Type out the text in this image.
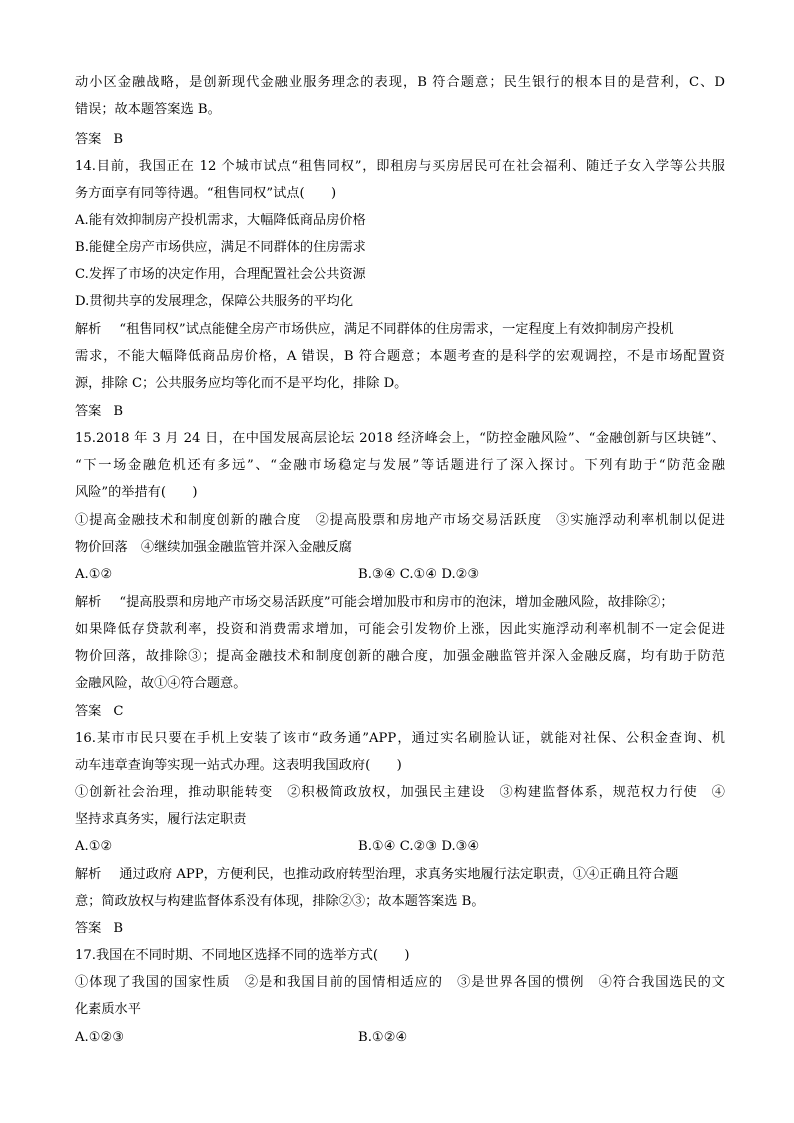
动小区金融战略，是创新现代金融业服务理念的表现，B 符合题意；民生银行的根本目的是营利，C、D
错误；故本题答案选 B。
答案 B
14.目前，我国正在 12 个城市试点“租售同权”，即租房与买房居民可在社会福利、随迁子女入学等公共服
务方面享有同等待遇。“租售同权”试点(　　)
A.能有效抑制房产投机需求，大幅降低商品房价格
B.能健全房产市场供应，满足不同群体的住房需求
C.发挥了市场的决定作用，合理配置社会公共资源
D.贯彻共享的发展理念，保障公共服务的平均化
解析 “租售同权”试点能健全房产市场供应，满足不同群体的住房需求，一定程度上有效抑制房产投机
需求，不能大幅降低商品房价格，A 错误，B 符合题意；本题考查的是科学的宏观调控，不是市场配置资
源，排除 C；公共服务应均等化而不是平均化，排除 D。
答案 B
15.2018 年 3 月 24 日，在中国发展高层论坛 2018 经济峰会上，“防控金融风险”、“金融创新与区块链”、
“下一场金融危机还有多远”、“金融市场稳定与发展”等话题进行了深入探讨。下列有助于“防范金融
风险”的举措有(　　)
①提高金融技术和制度创新的融合度　②提高股票和房地产市场交易活跃度　③实施浮动利率机制以促进
物价回落　④继续加强金融监管并深入金融反腐
A.①②	B.③④ C.①④ D.②③
解析 “提高股票和房地产市场交易活跃度”可能会增加股市和房市的泡沫，增加金融风险，故排除②；
如果降低存贷款利率，投资和消费需求增加，可能会引发物价上涨，因此实施浮动利率机制不一定会促进
物价回落，故排除③；提高金融技术和制度创新的融合度，加强金融监管并深入金融反腐，均有助于防范
金融风险，故①④符合题意。
答案 C
16.某市市民只要在手机上安装了该市“政务通”APP，通过实名刷脸认证，就能对社保、公积金查询、机
动车违章查询等实现一站式办理。这表明我国政府(　　)
①创新社会治理，推动职能转变　②积极简政放权，加强民主建设　③构建监督体系，规范权力行使　④
坚持求真务实，履行法定职责
A.①②	B.①④ C.②③ D.③④
解析 通过政府 APP，方便利民，也推动政府转型治理，求真务实地履行法定职责，①④正确且符合题
意；简政放权与构建监督体系没有体现，排除②③；故本题答案选 B。
答案 B
17.我国在不同时期、不同地区选择不同的选举方式(　　)
①体现了我国的国家性质　②是和我国目前的国情相适应的　③是世界各国的惯例　④符合我国选民的文
化素质水平
A.①②③	B.①②④
